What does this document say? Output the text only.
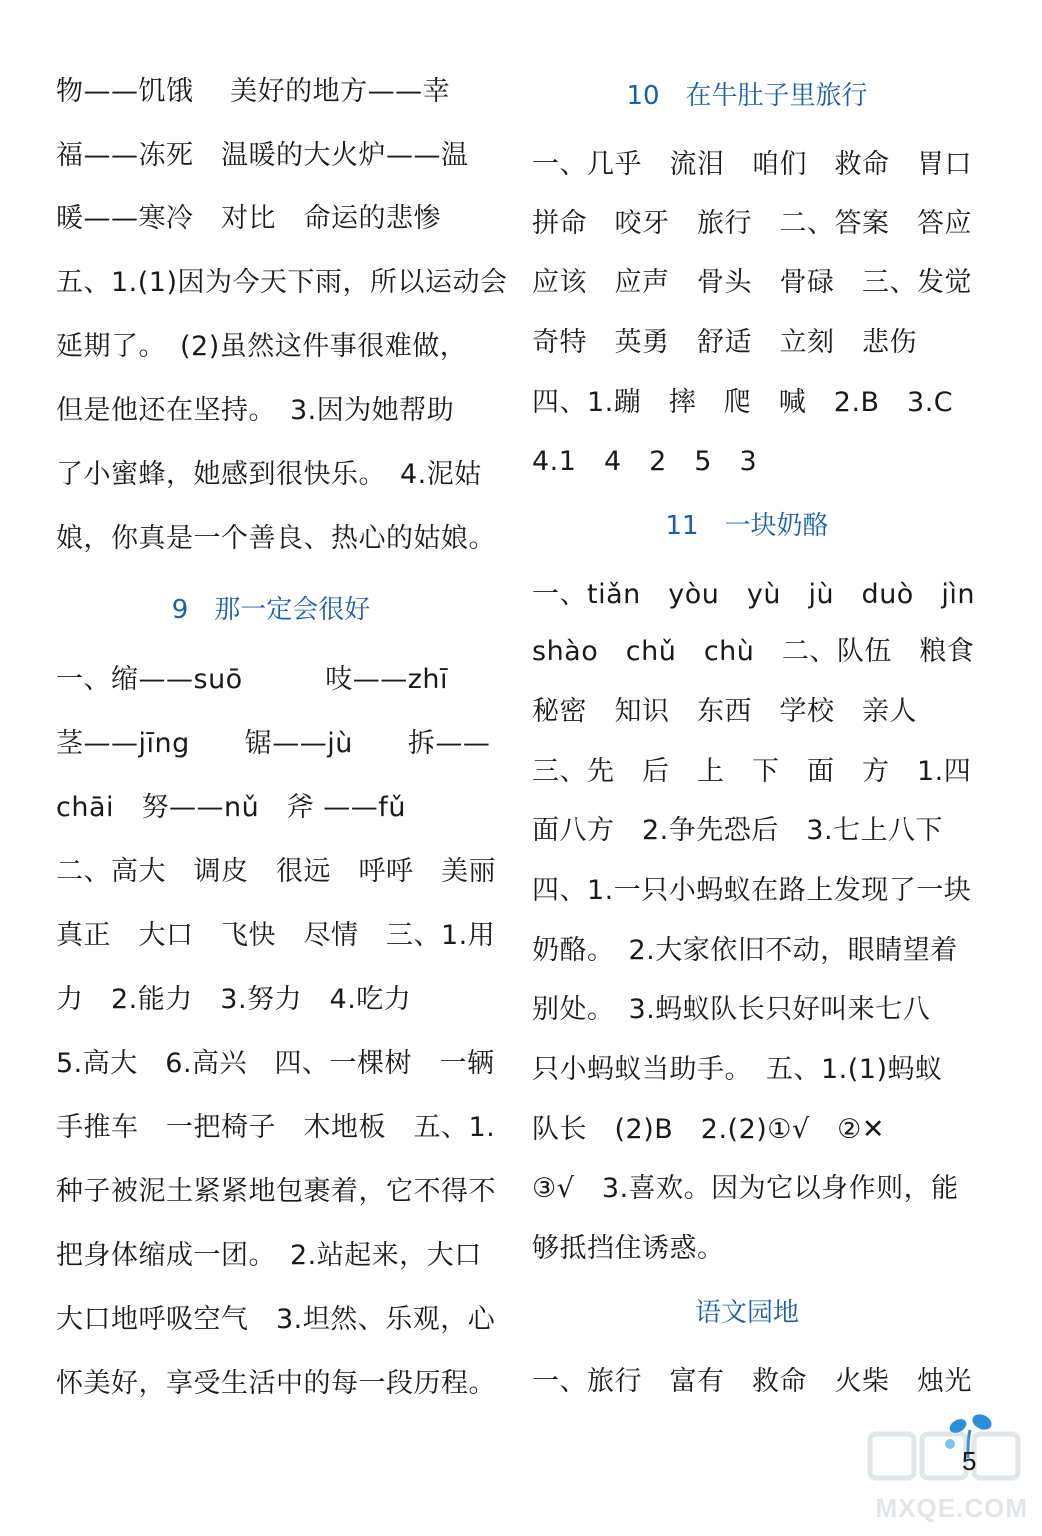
物——饥饿　 美好的地方——幸
福——冻死　温暖的大火炉——温
暖——寒冷　对比　命运的悲惨
五、1.(1)因为今天下雨，所以运动会
延期了。　(2)虽然这件事很难做，
但是他还在坚持。　3.因为她帮助
了小蜜蜂，她感到很快乐。　4.泥姑
娘，你真是一个善良、热心的姑娘。
9　那一定会很好
一、缩——suō　　　吱——zhī
茎——jīng　　锯——jù　　拆——
chāi　努——nǔ　斧 ——fǔ
二、高大　调皮　很远　呼呼　美丽
真正　大口　飞快　尽情　三、1.用
力　2.能力　3.努力　4.吃力
5.高大　6.高兴　四、一棵树　一辆
手推车　一把椅子　木地板　五、1.
种子被泥土紧紧地包裹着，它不得不
把身体缩成一团。　2.站起来，大口
大口地呼吸空气　3.坦然、乐观，心
怀美好，享受生活中的每一段历程。
10　在牛肚子里旅行
一、几乎　流泪　咱们　救命　胃口
拼命　咬牙　旅行　二、答案　答应
应该　应声　骨头　骨碌　三、发觉
奇特　英勇　舒适　立刻　悲伤
四、1.蹦　摔　爬　喊　2.B　3.C
4.1　4　2　5　3
11　一块奶酪
一、tiǎn　yòu　yù　jù　duò　jìn
shào　chǔ　chù　二、队伍　粮食
秘密　知识　东西　学校　亲人
三、先　后　上　下　面　方　1.四
面八方　2.争先恐后　3.七上八下
四、1.一只小蚂蚁在路上发现了一块
奶酪。　2.大家依旧不动，眼睛望着
别处。　3.蚂蚁队长只好叫来七八
只小蚂蚁当助手。　五、1.(1)蚂蚁
队长　(2)B　2.(2)①√　②✕
③√　3.喜欢。因为它以身作则，能
够抵挡住诱惑。
语文园地
一、旅行　富有　救命　火柴　烛光
MXQE.COM
5
